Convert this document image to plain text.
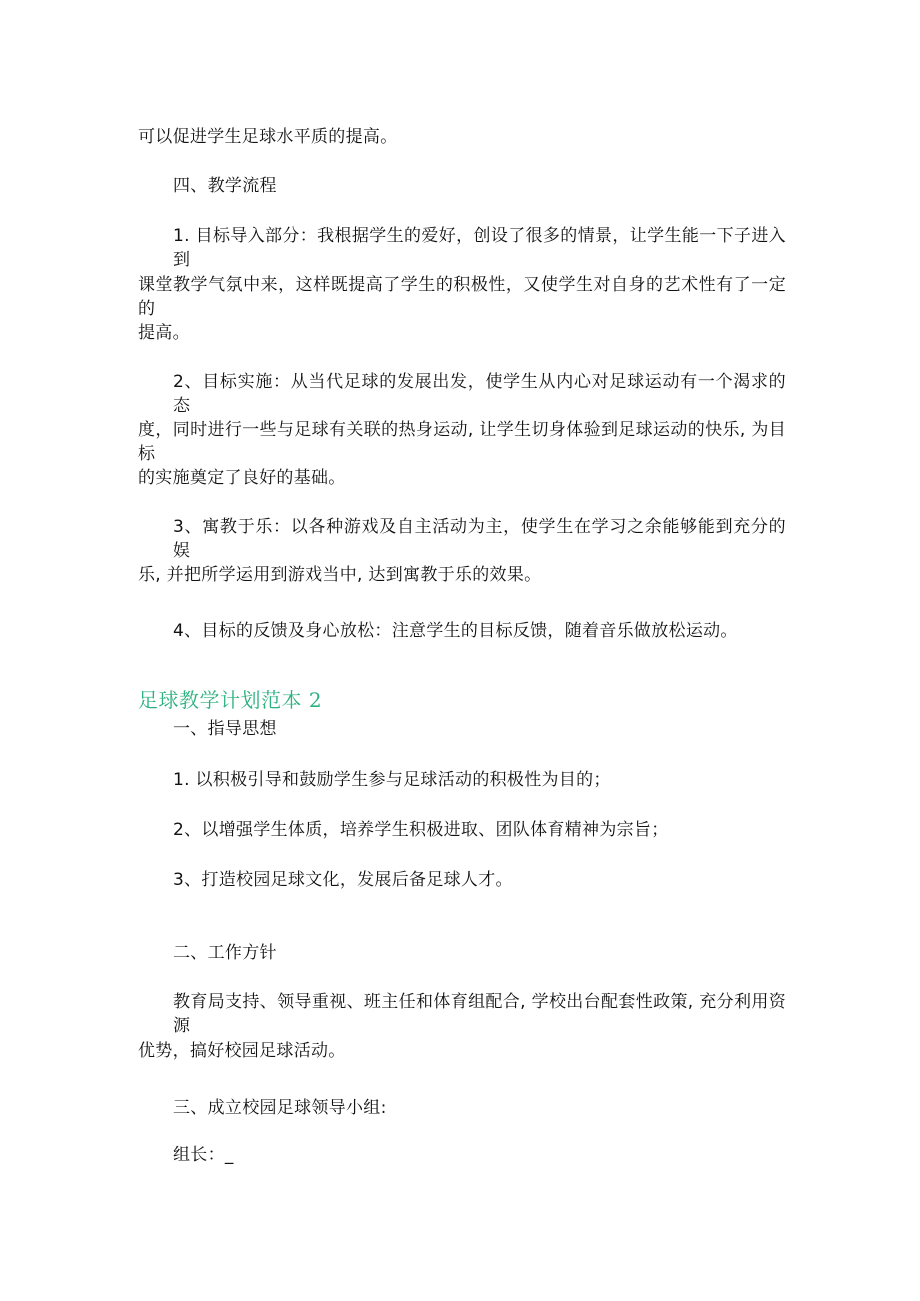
可以促进学生足球水平质的提高。
四、教学流程
1. 目标导入部分：我根据学生的爱好，创设了很多的情景，让学生能一下子进入到
课堂教学气氛中来，这样既提高了学生的积极性，又使学生对自身的艺术性有了一定的
提高。
2、目标实施：从当代足球的发展出发，使学生从内心对足球运动有一个渴求的态
度，同时进行一些与足球有关联的热身运动, 让学生切身体验到足球运动的快乐, 为目标
的实施奠定了良好的基础。
3、寓教于乐：以各种游戏及自主活动为主，使学生在学习之余能够能到充分的娱
乐, 并把所学运用到游戏当中, 达到寓教于乐的效果。
4、目标的反馈及身心放松：注意学生的目标反馈，随着音乐做放松运动。
足球教学计划范本 2
一、指导思想
1. 以积极引导和鼓励学生参与足球活动的积极性为目的；
2、以增强学生体质，培养学生积极进取、团队体育精神为宗旨；
3、打造校园足球文化，发展后备足球人才。
二、工作方针
教育局支持、领导重视、班主任和体育组配合, 学校出台配套性政策, 充分利用资源
优势，搞好校园足球活动。
三、成立校园足球领导小组:
组长：_
